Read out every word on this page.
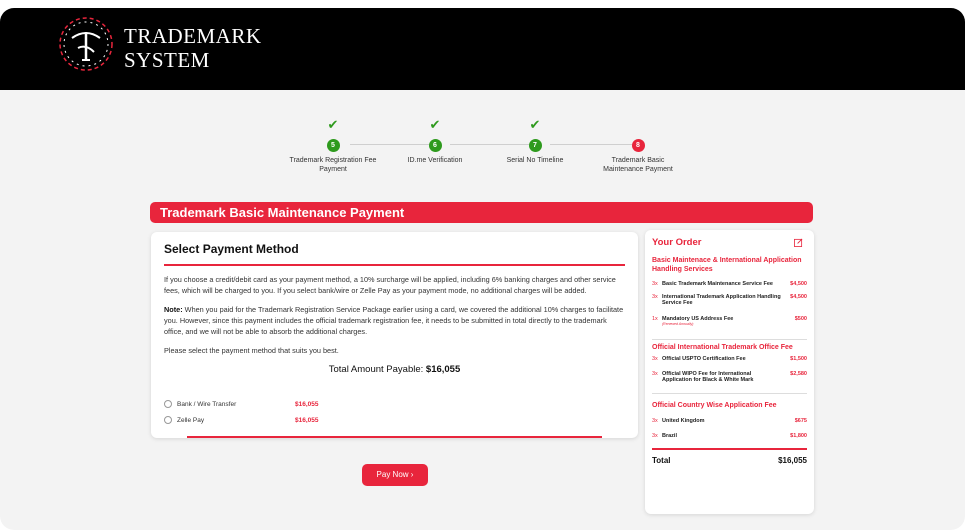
TRADEMARK
SYSTEM
✔
5
Trademark Registration Fee Payment
✔
6
ID.me Verification
✔
7
Serial No Timeline
8
Trademark Basic Maintenance Payment
Trademark Basic Maintenance Payment
Select Payment Method

If you choose a credit/debit card as your payment method, a 10% surcharge will be applied, including 6% banking charges and other service fees, which will be charged to you. If you select bank/wire or Zelle Pay as your payment mode, no additional charges will be added.

Note: When you paid for the Trademark Registration Service Package earlier using a card, we covered the additional 10% charges to facilitate you. However, since this payment includes the official trademark registration fee, it needs to be submitted in total directly to the trademark office, and we will not be able to absorb the additional charges.

Please select the payment method that suits you best.

Total Amount Payable: $16,055
Bank / Wire Transfer	$16,055
Zelle Pay	$16,055
Pay Now ›
Your Order
Basic Maintenace & International Application Handling Services
3x Basic Trademark Maintenance Service Fee	$4,500
3x International Trademark Application Handling Service Fee
$4,500
1x Mandatory US Address Fee	$500
(Renewed Annually)
Official International Trademark Office Fee
3x Official USPTO Certification Fee	$1,500
3x Official WIPO Fee for International Application for Black & White Mark
$2,580
Official Country Wise Application Fee
3x United Kingdom	$675
3x Brazil	$1,800
Total	$16,055
